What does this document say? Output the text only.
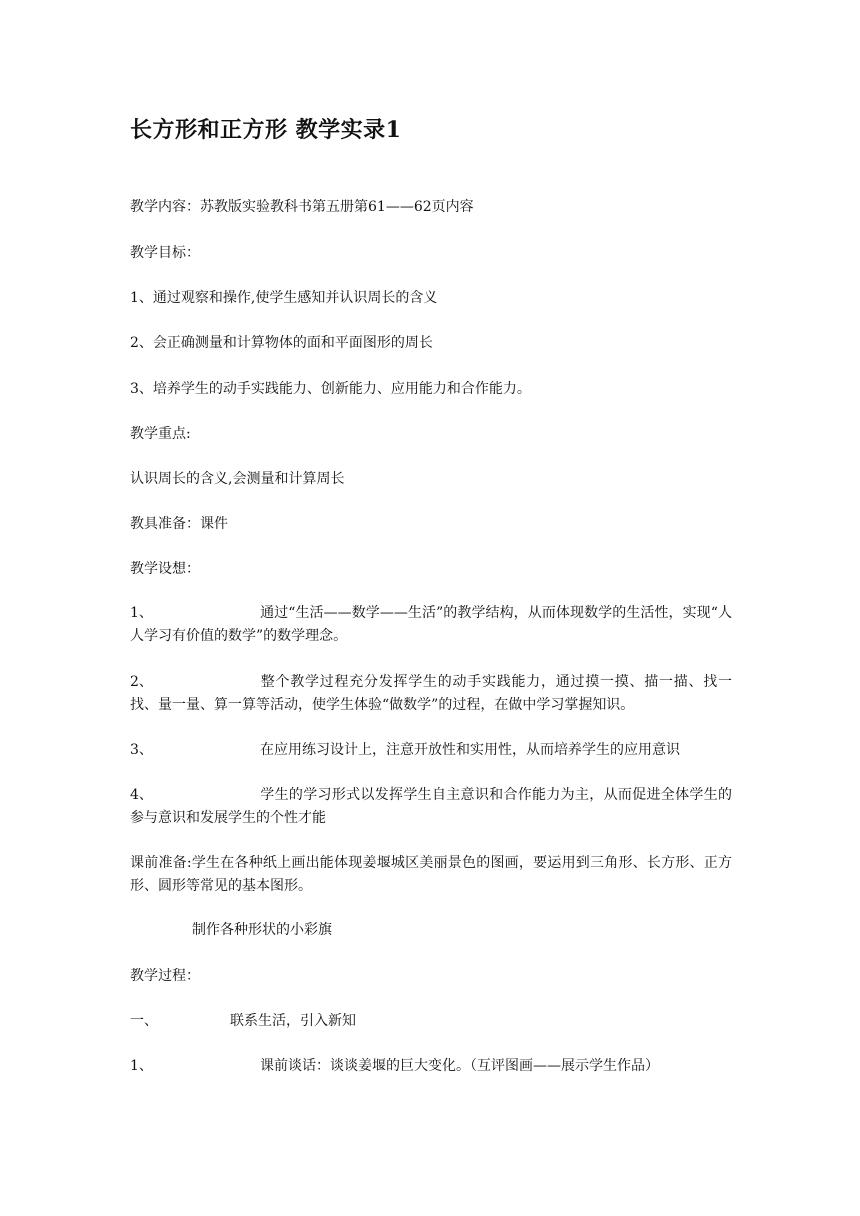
长方形和正方形 教学实录1
教学内容：苏教版实验教科书第五册第61——62页内容
教学目标：
1、通过观察和操作,使学生感知并认识周长的含义
2、会正确测量和计算物体的面和平面图形的周长
3、培养学生的动手实践能力、创新能力、应用能力和合作能力。
教学重点:
认识周长的含义,会测量和计算周长
教具准备：课件
教学设想：
1、	通过“生活——数学——生活”的教学结构，从而体现数学的生活性，实现“人人学习有价值的数学”的数学理念。
2、	整个教学过程充分发挥学生的动手实践能力，通过摸一摸、描一描、找一找、量一量、算一算等活动，使学生体验“做数学”的过程，在做中学习掌握知识。
3、	在应用练习设计上，注意开放性和实用性，从而培养学生的应用意识
4、	学生的学习形式以发挥学生自主意识和合作能力为主，从而促进全体学生的参与意识和发展学生的个性才能
课前准备:学生在各种纸上画出能体现姜堰城区美丽景色的图画，要运用到三角形、长方形、正方形、圆形等常见的基本图形。
制作各种形状的小彩旗
教学过程：
一、	联系生活，引入新知
1、	课前谈话：谈谈姜堰的巨大变化。（互评图画——展示学生作品）
